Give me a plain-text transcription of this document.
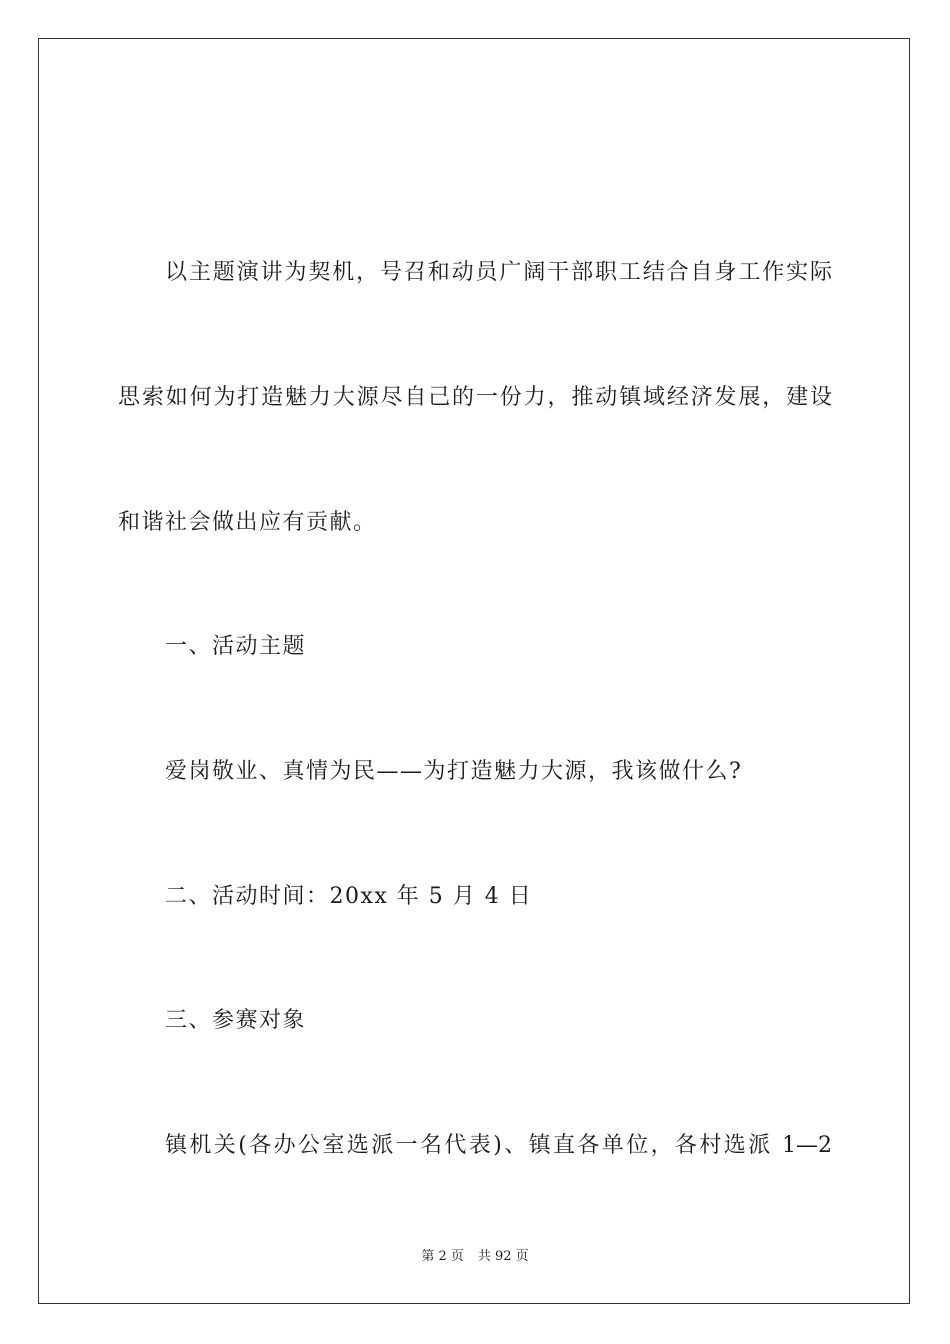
以主题演讲为契机，号召和动员广阔干部职工结合自身工作实际
思索如何为打造魅力大源尽自己的一份力，推动镇域经济发展，建设
和谐社会做出应有贡献。
一、活动主题
爱岗敬业、真情为民——为打造魅力大源，我该做什么?
二、活动时间：20xx 年 5 月 4 日
三、参赛对象
镇机关(各办公室选派一名代表)、镇直各单位，各村选派 1—2
第 2 页 共 92 页
